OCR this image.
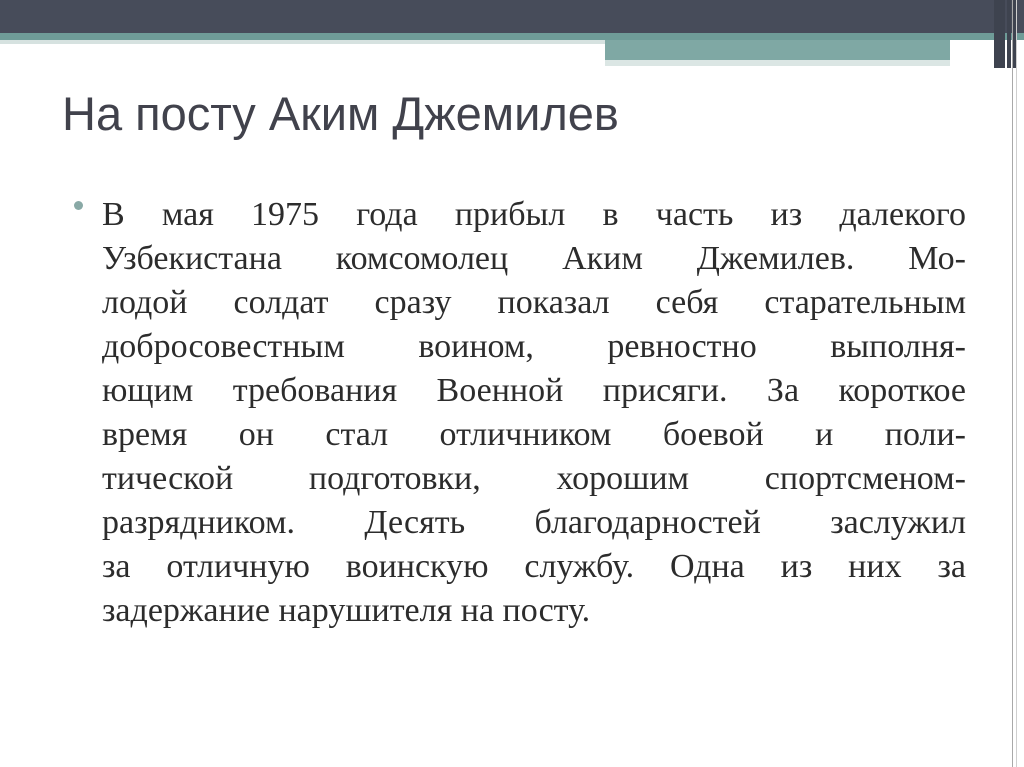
На посту Аким Джемилев

В мая 1975 года прибыл в часть из далекого
Узбекистана комсомолец Аким Джемилев. Мо-
лодой солдат сразу показал себя старательным
добросовестным воином, ревностно выполня-
ющим требования Военной присяги. За короткое
время он стал отличником боевой и поли-
тической подготовки, хорошим спортсменом-
разрядником. Десять благодарностей заслужил
за отличную воинскую службу. Одна из них за
задержание нарушителя на посту.
